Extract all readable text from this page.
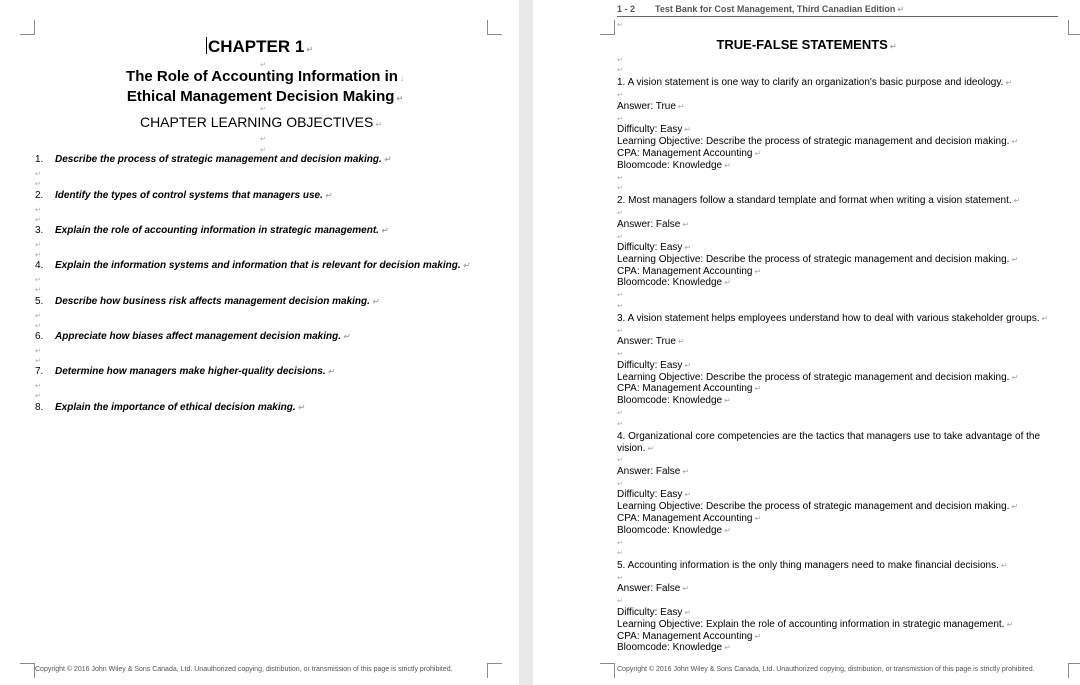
CHAPTER 1 ↵
↵
The Role of Accounting Information in ↓
Ethical Management Decision Making ↵
↵
CHAPTER LEARNING OBJECTIVES ↵
↵
↵
1. Describe the process of strategic management and decision making. ↵
↵
↵
2. Identify the types of control systems that managers use. ↵
↵
↵
3. Explain the role of accounting information in strategic management. ↵
↵
↵
4. Explain the information systems and information that is relevant for decision making. ↵
↵
↵
5. Describe how business risk affects management decision making. ↵
↵
↵
6. Appreciate how biases affect management decision making. ↵
↵
↵
7. Determine how managers make higher-quality decisions. ↵
↵
↵
8. Explain the importance of ethical decision making. ↵
Copyright © 2016 John Wiley & Sons Canada, Ltd. Unauthorized copying, distribution, or transmission of this page is strictly prohibited.
1 - 2 Test Bank for Cost Management, Third Canadian Edition ↵
↵
TRUE-FALSE STATEMENTS ↵
↵
↵
1. A vision statement is one way to clarify an organization's basic purpose and ideology. ↵
↵
Answer: True ↵
↵
Difficulty: Easy ↵
Learning Objective: Describe the process of strategic management and decision making. ↵
CPA: Management Accounting ↵
Bloomcode: Knowledge ↵
↵
↵
2. Most managers follow a standard template and format when writing a vision statement. ↵
↵
Answer: False ↵
↵
Difficulty: Easy ↵
Learning Objective: Describe the process of strategic management and decision making. ↵
CPA: Management Accounting ↵
Bloomcode: Knowledge ↵
↵
↵
3. A vision statement helps employees understand how to deal with various stakeholder groups. ↵
↵
Answer: True ↵
↵
Difficulty: Easy ↵
Learning Objective: Describe the process of strategic management and decision making. ↵
CPA: Management Accounting ↵
Bloomcode: Knowledge ↵
↵
↵
4. Organizational core competencies are the tactics that managers use to take advantage of the vision. ↵
↵
Answer: False ↵
↵
Difficulty: Easy ↵
Learning Objective: Describe the process of strategic management and decision making. ↵
CPA: Management Accounting ↵
Bloomcode: Knowledge ↵
↵
↵
5. Accounting information is the only thing managers need to make financial decisions. ↵
↵
Answer: False ↵
↵
Difficulty: Easy ↵
Learning Objective: Explain the role of accounting information in strategic management. ↵
CPA: Management Accounting ↵
Bloomcode: Knowledge ↵
Copyright © 2016 John Wiley & Sons Canada, Ltd. Unauthorized copying, distribution, or transmission of this page is strictly prohibited.
